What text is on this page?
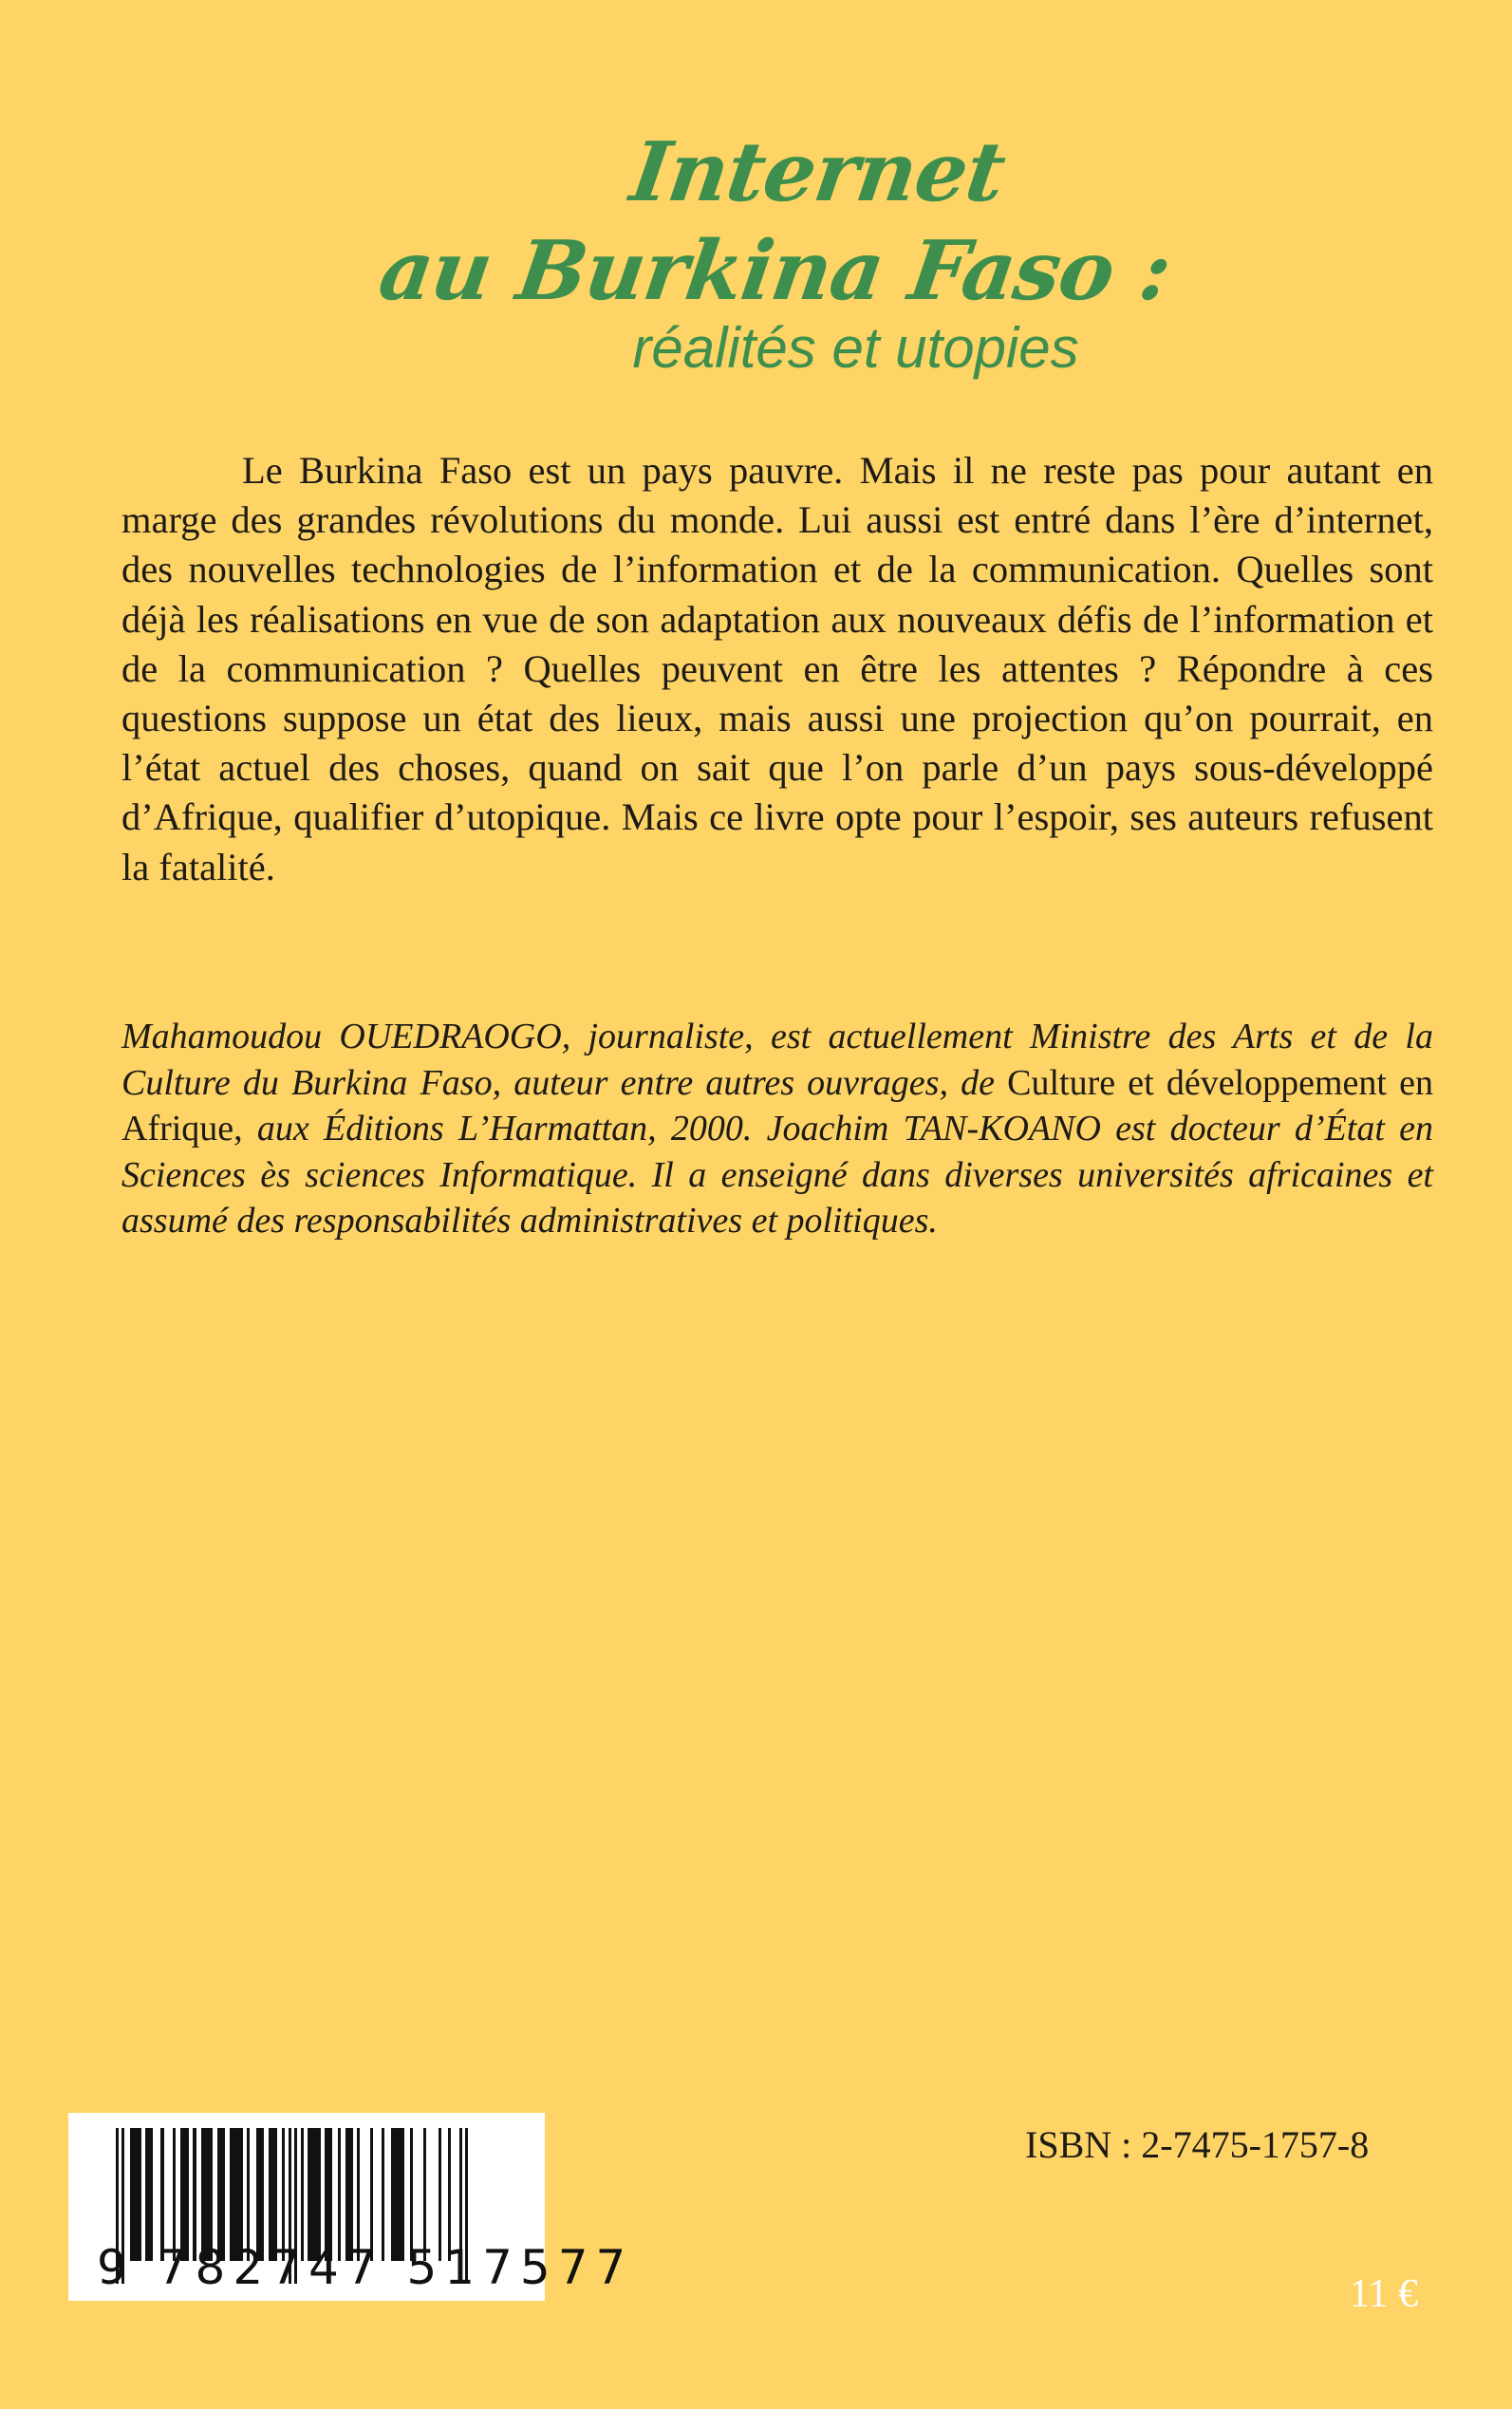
Internet
au Burkina Faso :
réalités et utopies

Le Burkina Faso est un pays pauvre. Mais il ne reste pas pour autant en marge des grandes révolutions du monde. Lui aussi est entré dans l’ère d’internet, des nouvelles technologies de l’information et de la communication. Quelles sont déjà les réalisations en vue de son adaptation aux nouveaux défis de l’information et de la communication ? Quelles peuvent en être les attentes ? Répondre à ces questions suppose un état des lieux, mais aussi une projection qu’on pourrait, en l’état actuel des choses, quand on sait que l’on parle d’un pays sous-développé d’Afrique, qualifier d’utopique. Mais ce livre opte pour l’espoir, ses auteurs refusent la fatalité.

Mahamoudou OUEDRAOGO, journaliste, est actuellement Ministre des Arts et de la Culture du Burkina Faso, auteur entre autres ouvrages, de Culture et développement en Afrique, aux Éditions L’Harmattan, 2000. Joachim TAN-KOANO est docteur d’État en Sciences ès sciences Informatique. Il a enseigné dans diverses universités africaines et assumé des responsabilités administratives et politiques.

9 782747 517577
ISBN : 2-7475-1757-8
11 €
